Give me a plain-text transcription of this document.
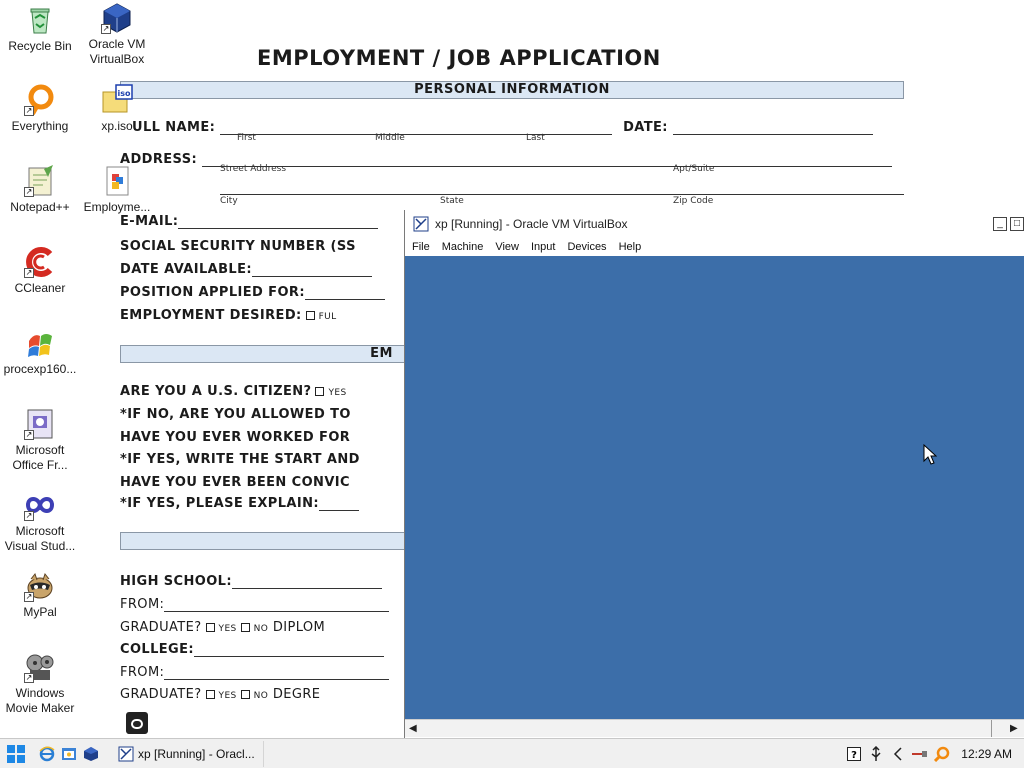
EMPLOYMENT / JOB APPLICATION
PERSONAL INFORMATION
ULL NAME:	DATE:
First	Middle	Last
ADDRESS:
Street Address	Apt/Suite
City	State	Zip Code
E-MAIL:
SOCIAL SECURITY NUMBER (SS
DATE AVAILABLE:
POSITION APPLIED FOR:
EMPLOYMENT DESIRED: FUL
EM
ARE YOU A U.S. CITIZEN? YES
*IF NO, ARE YOU ALLOWED TO
HAVE YOU EVER WORKED FOR
*IF YES, WRITE THE START AND
HAVE YOU EVER BEEN CONVIC
*IF YES, PLEASE EXPLAIN:
HIGH SCHOOL:
FROM:
GRADUATE? YES NO DIPLOM
COLLEGE:
FROM:
GRADUATE? YES NO DEGRE
Recycle Bin
↗
Oracle VM
VirtualBox
↗
Everything
iso
xp.iso
↗
Notepad++	Employme...
↗
CCleaner
procexp160...
↗
Microsoft
Office Fr...
↗
Microsoft
Visual Stud...
↗
MyPal
↗
Windows
Movie Maker
xp [Running] - Oracle VM VirtualBox	_	□
File Machine View Input Devices Help
◀	▶
xp [Running] - Oracl...	?	12:29 AM
